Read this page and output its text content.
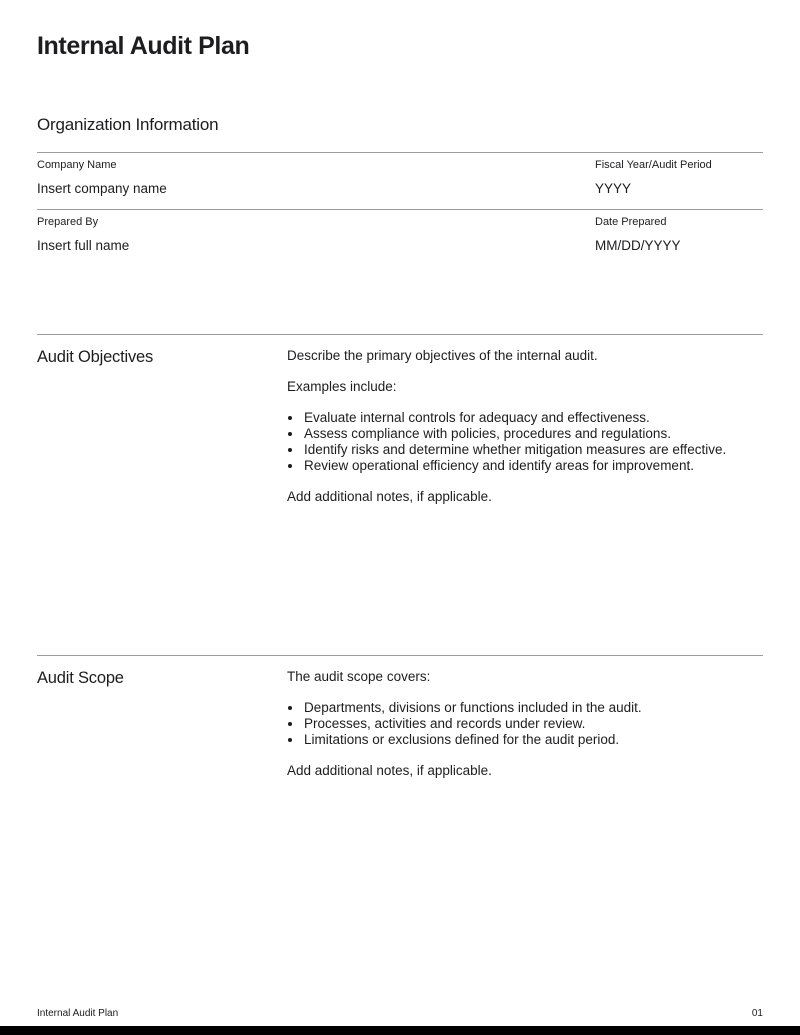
Internal Audit Plan
Organization Information
Company Name
Insert company name
Fiscal Year/Audit Period
YYYY
Prepared By
Insert full name
Date Prepared
MM/DD/YYYY
Audit Objectives	Describe the primary objectives of the internal audit.

Examples include:

• Evaluate internal controls for adequacy and effectiveness.
• Assess compliance with policies, procedures and regulations.
• Identify risks and determine whether mitigation measures are effective.
• Review operational efficiency and identify areas for improvement.

Add additional notes, if applicable.

Audit Scope	The audit scope covers:

• Departments, divisions or functions included in the audit.
• Processes, activities and records under review.
• Limitations or exclusions defined for the audit period.

Add additional notes, if applicable.

Internal Audit Plan	01
